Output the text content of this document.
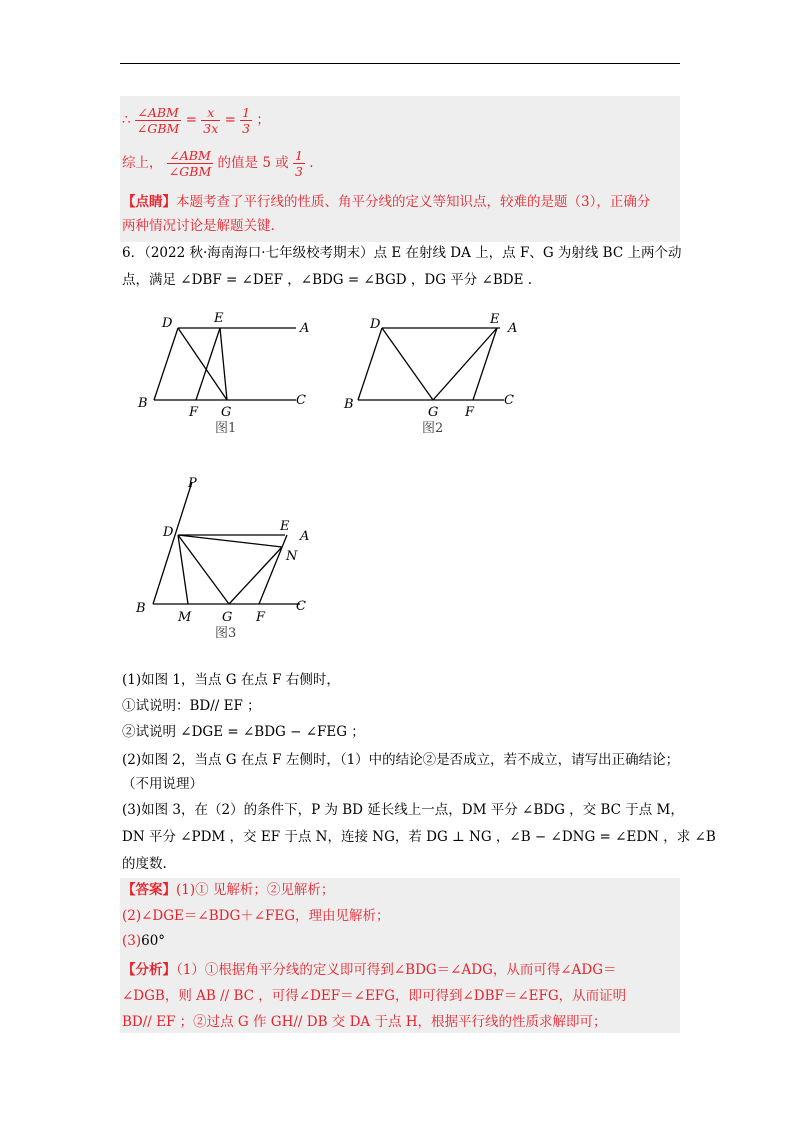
∴ $\frac{\text{∠ABM}}{\text{∠GBM}} = \frac{x}{3x} = \frac{1}{3}$ ；
综上， $\frac{\text{∠ABM}}{\text{∠GBM}}$ 的值是 5 或 $\frac{1}{3}$ .
【点睛】本题考查了平行线的性质、角平分线的定义等知识点，较难的是题（3），正确分
两种情况讨论是解题关键.
6．（2022 秋·海南海口·七年级校考期末）点 E 在射线 DA 上，点 F、G 为射线 BC 上两个动
点，满足 ∠DBF = ∠DEF ，∠BDG = ∠BGD ，DG 平分 ∠BDE .
D	E
A
B
F G
C
D	E
A
B
G F
C
图1	图2
P
D	E
A
N
B
M G F
C
图3
(1)如图 1，当点 G 在点 F 右侧时，
①试说明：BD// EF ；
②试说明 ∠DGE = ∠BDG − ∠FEG ；
(2)如图 2，当点 G 在点 F 左侧时，（1）中的结论②是否成立，若不成立，请写出正确结论；
（不用说理）
(3)如图 3，在（2）的条件下，P 为 BD 延长线上一点，DM 平分 ∠BDG ，交 BC 于点 M，
DN 平分 ∠PDM ，交 EF 于点 N，连接 NG，若 DG ⊥ NG ，∠B − ∠DNG = ∠EDN ，求 ∠B
的度数.
【答案】(1)① 见解析；②见解析；
(2)∠DGE＝∠BDG＋∠FEG，理由见解析；
(3)60°
【分析】（1）①根据角平分线的定义即可得到∠BDG＝∠ADG，从而可得∠ADG＝
∠DGB，则 AB // BC ，可得∠DEF＝∠EFG，即可得到∠DBF＝∠EFG，从而证明
BD// EF ；②过点 G 作 GH// DB 交 DA 于点 H，根据平行线的性质求解即可；
